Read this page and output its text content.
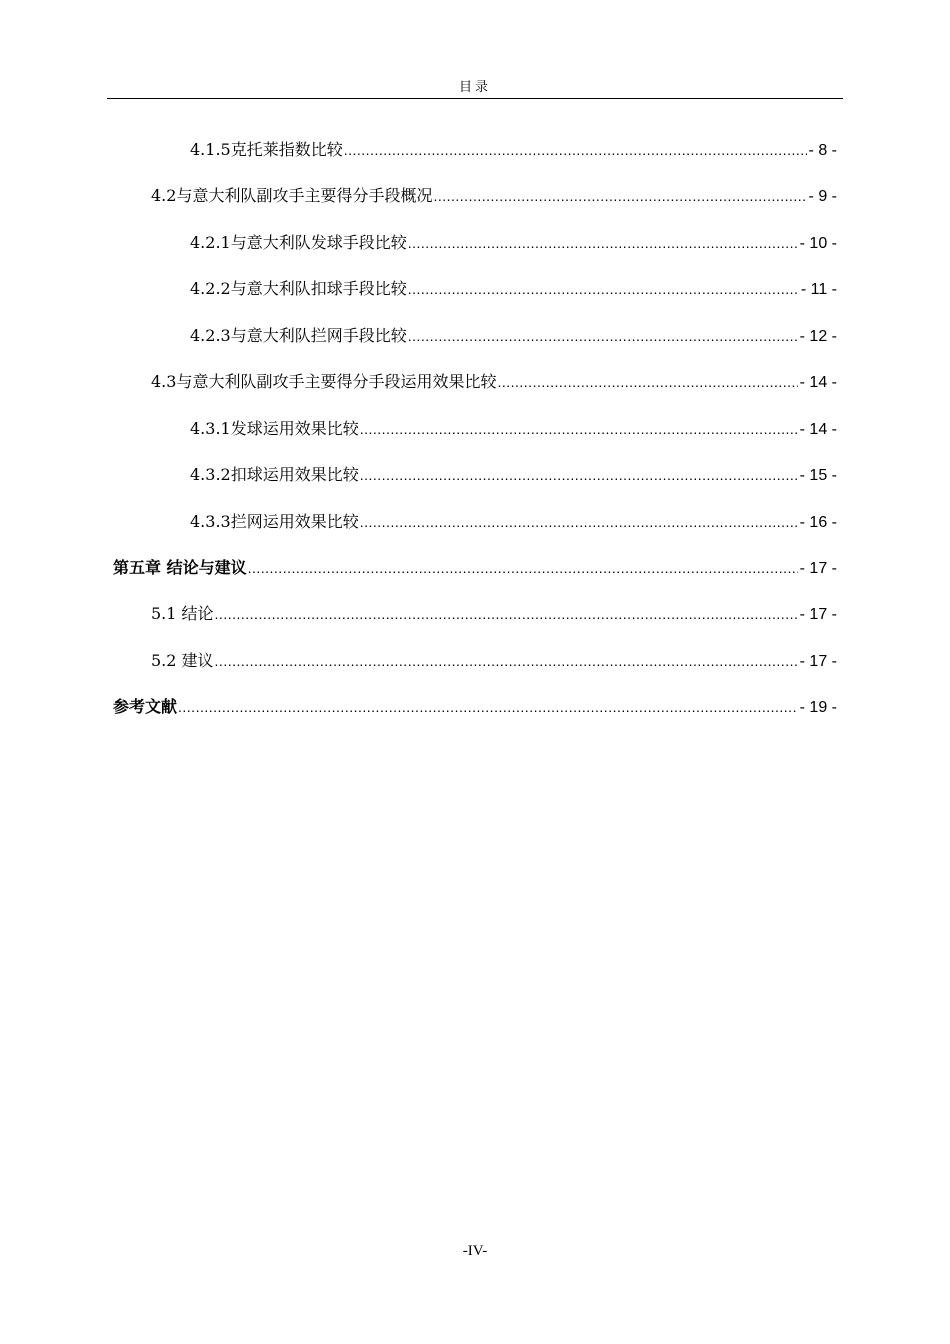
目录
4.1.5克托莱指数比较 .....	- 8 -
4.2与意大利队副攻手主要得分手段概况 .....	- 9 -
4.2.1与意大利队发球手段比较 .....	- 10 -
4.2.2与意大利队扣球手段比较 .....	- 11 -
4.2.3与意大利队拦网手段比较 .....	- 12 -
4.3与意大利队副攻手主要得分手段运用效果比较 .....	- 14 -
4.3.1发球运用效果比较 .....	- 14 -
4.3.2扣球运用效果比较 .....	- 15 -
4.3.3拦网运用效果比较 .....	- 16 -
第五章 结论与建议 .....	- 17 -
5.1 结论 .....	- 17 -
5.2 建议 .....	- 17 -
参考文献 .....	- 19 -
-IV-
